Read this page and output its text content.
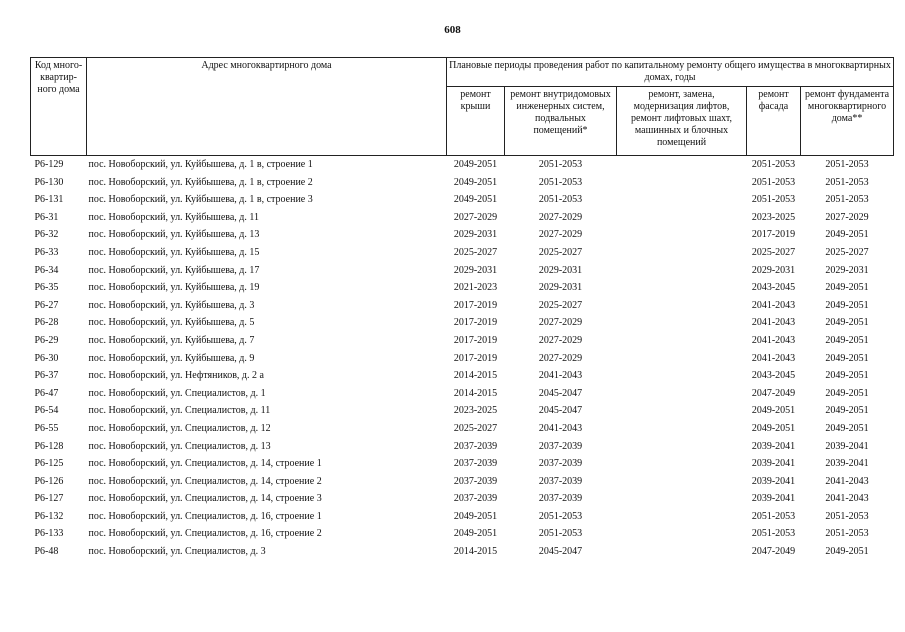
608
Код много-квартир-ного дома	Адрес многоквартирного дома	Плановые периоды проведения работ по капитальному ремонту общего имущества в многоквартирных домах, годы				
		ремонт крыши	ремонт внутридомовых инженерных систем, подвальных помещений*	ремонт, замена, модернизация лифтов, ремонт лифтовых шахт, машинных и блочных помещений	ремонт фасада	ремонт фундамента многоквартирного дома**
Р6-129	пос. Новоборский, ул. Куйбышева, д. 1 в, строение 1	2049-2051	2051-2053		2051-2053	2051-2053
Р6-130	пос. Новоборский, ул. Куйбышева, д. 1 в, строение 2	2049-2051	2051-2053		2051-2053	2051-2053
Р6-131	пос. Новоборский, ул. Куйбышева, д. 1 в, строение 3	2049-2051	2051-2053		2051-2053	2051-2053
Р6-31	пос. Новоборский, ул. Куйбышева, д. 11	2027-2029	2027-2029		2023-2025	2027-2029
Р6-32	пос. Новоборский, ул. Куйбышева, д. 13	2029-2031	2027-2029		2017-2019	2049-2051
Р6-33	пос. Новоборский, ул. Куйбышева, д. 15	2025-2027	2025-2027		2025-2027	2025-2027
Р6-34	пос. Новоборский, ул. Куйбышева, д. 17	2029-2031	2029-2031		2029-2031	2029-2031
Р6-35	пос. Новоборский, ул. Куйбышева, д. 19	2021-2023	2029-2031		2043-2045	2049-2051
Р6-27	пос. Новоборский, ул. Куйбышева, д. 3	2017-2019	2025-2027		2041-2043	2049-2051
Р6-28	пос. Новоборский, ул. Куйбышева, д. 5	2017-2019	2027-2029		2041-2043	2049-2051
Р6-29	пос. Новоборский, ул. Куйбышева, д. 7	2017-2019	2027-2029		2041-2043	2049-2051
Р6-30	пос. Новоборский, ул. Куйбышева, д. 9	2017-2019	2027-2029		2041-2043	2049-2051
Р6-37	пос. Новоборский, ул. Нефтяников, д. 2 а	2014-2015	2041-2043		2043-2045	2049-2051
Р6-47	пос. Новоборский, ул. Специалистов, д. 1	2014-2015	2045-2047		2047-2049	2049-2051
Р6-54	пос. Новоборский, ул. Специалистов, д. 11	2023-2025	2045-2047		2049-2051	2049-2051
Р6-55	пос. Новоборский, ул. Специалистов, д. 12	2025-2027	2041-2043		2049-2051	2049-2051
Р6-128	пос. Новоборский, ул. Специалистов, д. 13	2037-2039	2037-2039		2039-2041	2039-2041
Р6-125	пос. Новоборский, ул. Специалистов, д. 14, строение 1	2037-2039	2037-2039		2039-2041	2039-2041
Р6-126	пос. Новоборский, ул. Специалистов, д. 14, строение 2	2037-2039	2037-2039		2039-2041	2041-2043
Р6-127	пос. Новоборский, ул. Специалистов, д. 14, строение 3	2037-2039	2037-2039		2039-2041	2041-2043
Р6-132	пос. Новоборский, ул. Специалистов, д. 16, строение 1	2049-2051	2051-2053		2051-2053	2051-2053
Р6-133	пос. Новоборский, ул. Специалистов, д. 16, строение 2	2049-2051	2051-2053		2051-2053	2051-2053
Р6-48	пос. Новоборский, ул. Специалистов, д. 3	2014-2015	2045-2047		2047-2049	2049-2051
